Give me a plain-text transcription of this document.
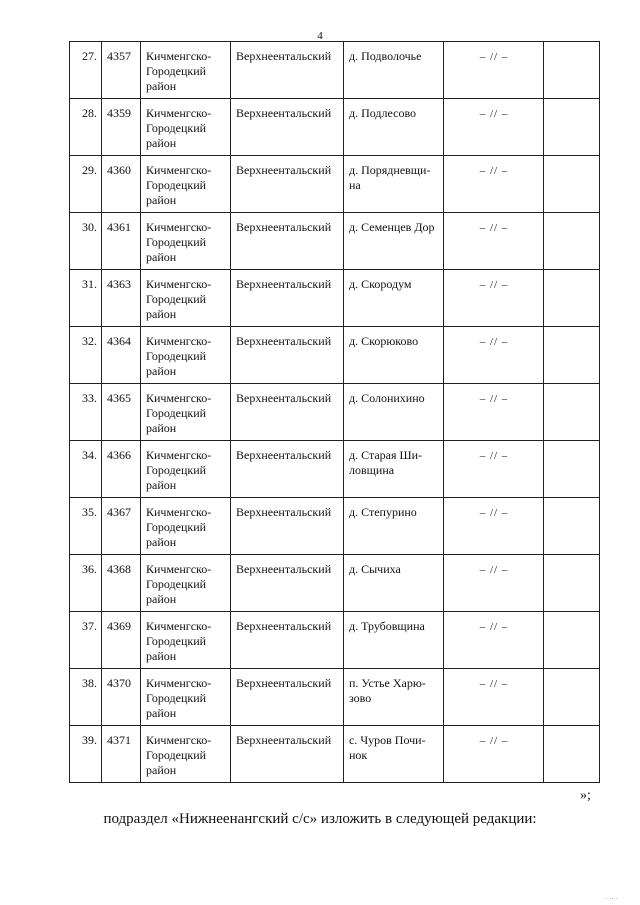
4
27.	4357	Кичменгско-Городецкий район	Верхнеентальский	д. Подволочье	– // –	
28.	4359	Кичменгско-Городецкий район	Верхнеентальский	д. Подлесово	– // –	
29.	4360	Кичменгско-Городецкий район	Верхнеентальский	д. Порядневщи-на	– // –	
30.	4361	Кичменгско-Городецкий район	Верхнеентальский	д. Семенцев Дор	– // –	
31.	4363	Кичменгско-Городецкий район	Верхнеентальский	д. Скородум	– // –	
32.	4364	Кичменгско-Городецкий район	Верхнеентальский	д. Скорюково	– // –	
33.	4365	Кичменгско-Городецкий район	Верхнеентальский	д. Солонихино	– // –	
34.	4366	Кичменгско-Городецкий район	Верхнеентальский	д. Старая Ши-ловщина	– // –	
35.	4367	Кичменгско-Городецкий район	Верхнеентальский	д. Степурино	– // –	
36.	4368	Кичменгско-Городецкий район	Верхнеентальский	д. Сычиха	– // –	
37.	4369	Кичменгско-Городецкий район	Верхнеентальский	д. Трубовщина	– // –	
38.	4370	Кичменгско-Городецкий район	Верхнеентальский	п. Устье Харю-зово	– // –	
39.	4371	Кичменгско-Городецкий район	Верхнеентальский	с. Чуров Почи-нок	– // –	
»;
подраздел «Нижнеенангский с/с» изложить в следующей редакции:
· ·· ·
